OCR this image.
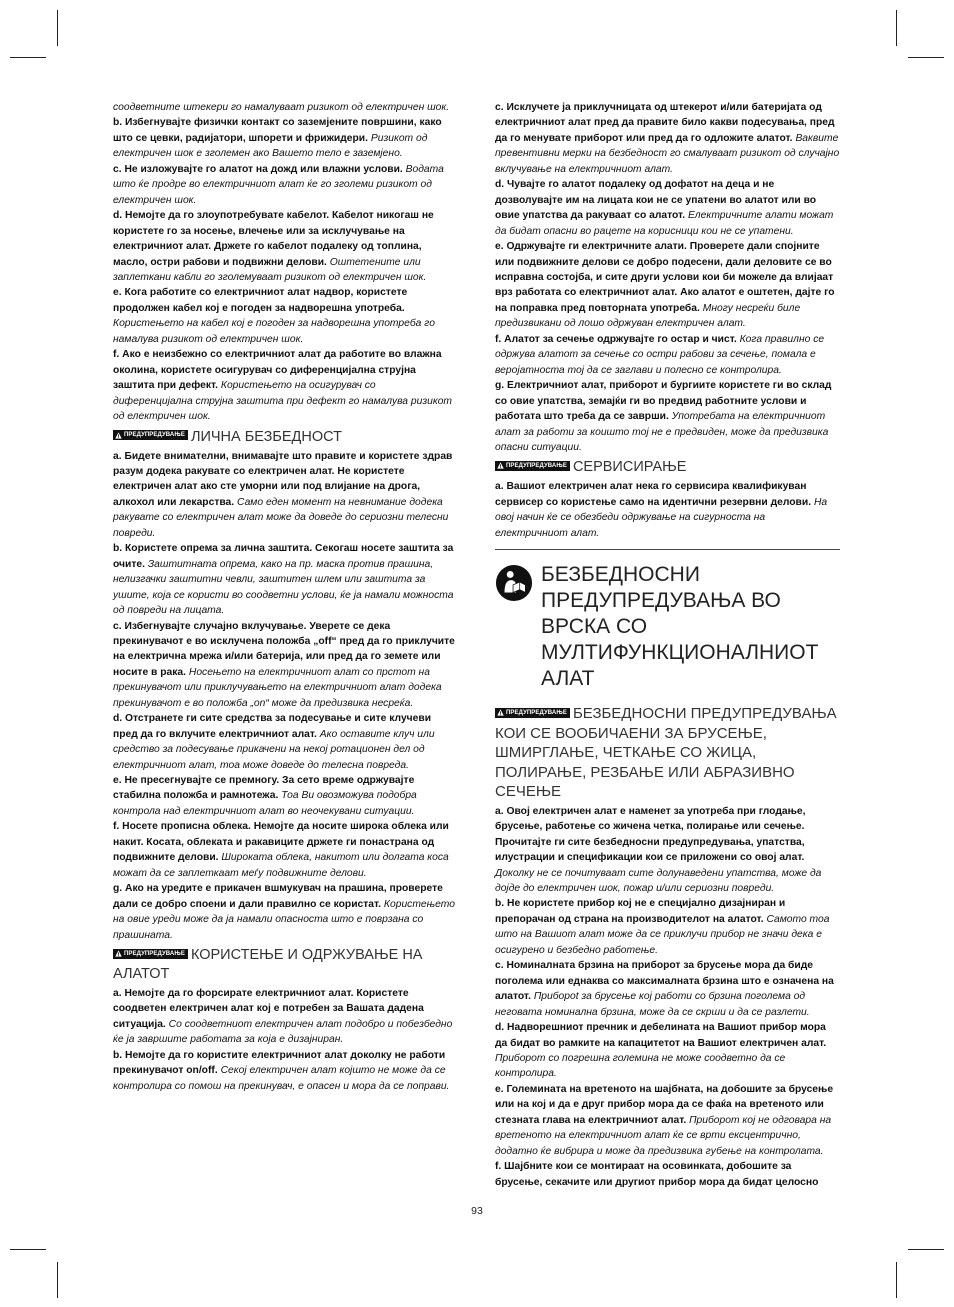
соодветните штекери го намалуваат ризикот од електричен шок.

b. Избегнувајте физички контакт со заземјените површини, како што се цевки, радијатори, шпорети и фрижидери. Ризикот од електричен шок е зголемен ако Вашето тело е заземјено.

c. Не изложувајте го алатот на дожд или влажни услови. Водата што ќе продре во електричниот алат ќе го зголеми ризикот од електричен шок.

d. Немојте да го злоупотребувате кабелот. Кабелот никогаш не користете го за носење, влечење или за исклучување на електричниот алат. Држете го кабелот подалеку од топлина, масло, остри рабови и подвижни делови. Оштетените или заплеткани кабли го зголемуваат ризикот од електричен шок.

e. Кога работите со електричниот алат надвор, користете продолжен кабел кој е погоден за надворешна употреба. Користењето на кабел кој е погоден за надворешна употреба го намалува ризикот од електричен шок.

f. Ако е неизбежно со електричниот алат да работите во влажна околина, користете осигурувач со диференцијална струјна заштита при дефект. Користењето на осигурувач со диференцијална струјна заштита при дефект го намалува ризикот од електричен шок.

ПРЕДУПРЕДУВАЊЕ ЛИЧНА БЕЗБЕДНОСТ

a. Бидете внимателни, внимавајте што правите и користете здрав разум додека ракувате со електричен алат. Не користете електричен алат ако сте уморни или под влијание на дрога, алкохол или лекарства. Само еден момент на невнимание додека ракувате со електричен алат може да доведе до сериозни телесни повреди.

b. Користете опрема за лична заштита. Секогаш носете заштита за очите. Заштитната опрема, како на пр. маска против прашина, нелизгачки заштитни чевли, заштитен шлем или заштита за ушите, која се користи во соодветни услови, ќе ја намали можноста од повреди на лицата.

c. Избегнувајте случајно вклучување. Уверете се дека прекинувачот е во исклучена положба „off“ пред да го приклучите на електрична мрежа и/или батерија, или пред да го земете или носите в рака. Носењето на електричниот алат со прстот на прекинувачот или приклучувањето на електричниот алат додека прекинувачот е во положба „on“ може да предизвика несреќа.

d. Отстранете ги сите средства за подесување и сите клучеви пред да го вклучите електричниот алат. Ако оставите клуч или средство за подесување прикачени на некој ротационен дел од електричниот алат, тоа може доведе до телесна повреда.

e. Не пресегнувајте се премногу. За сето време одржувајте стабилна положба и рамнотежа. Тоа Ви овозможува подобра контрола над електричниот алат во неочекувани ситуации.

f. Носете прописна облека. Немојте да носите широка облека или накит. Косата, облеката и ракавиците држете ги понастрана од подвижните делови. Широката облека, накитот или долгата коса можат да се заплеткаат меѓу подвижните делови.

g. Ако на уредите е прикачен вшмукувач на прашина, проверете дали се добро споени и дали правилно се користат. Користењето на овие уреди може да ја намали опасноста што е поврзана со прашината.

ПРЕДУПРЕДУВАЊЕ КОРИСТЕЊЕ И ОДРЖУВАЊЕ НА АЛАТОТ

a. Немојте да го форсирате електричниот алат. Користете соодветен електричен алат кој е потребен за Вашата дадена ситуација. Со соодветниот електричен алат подобро и побезбедно ќе ја завршите работата за која е дизајниран.

b. Немојте да го користите електричниот алат доколку не работи прекинувачот on/off. Секој електричен алат којшто не може да се контролира со помош на прекинувач, е опасен и мора да се поправи.

c. Исклучете ја приклучницата од штекерот и/или батеријата од електричниот алат пред да правите било какви подесувања, пред да го менувате приборот или пред да го одложите алатот. Ваквите превентивни мерки на безбедност го смалуваат ризикот од случајно вклучување на електричниот алат.

d. Чувајте го алатот подалеку од дофатот на деца и не дозволувајте им на лицата кои не се упатени во алатот или во овие упатства да ракуваат со алатот. Електричните алати можат да бидат опасни во рацете на корисници кои не се упатени.

e. Одржувајте ги електричните алати. Проверете дали спојните или подвижните делови се добро подесени, дали деловите се во исправна состојба, и сите други услови кои би можеле да влијаат врз работата со електричниот алат. Ако алатот е оштетен, дајте го на поправка пред повторната употреба. Многу несреќи биле предизвикани од лошо одржуван електричен алат.

f. Алатот за сечење одржувајте го остар и чист. Кога правилно се одржува алатот за сечење со остри рабови за сечење, помала е веројатноста тој да се заглави и полесно се контролира.

g. Електричниот алат, приборот и бургиите користете ги во склад со овие упатства, земајќи ги во предвид работните услови и работата што треба да се заврши. Употребата на електричниот алат за работи за коишто тој не е предвиден, може да предизвика опасни ситуации.

ПРЕДУПРЕДУВАЊЕ СЕРВИСИРАЊЕ

a. Вашиот електричен алат нека го сервисира квалификуван сервисер со користење само на идентични резервни делови. На овој начин ќе се обезбеди одржување на сигурноста на електричниот алат.

БЕЗБЕДНОСНИ ПРЕДУПРЕДУВАЊА ВО ВРСКА СО МУЛТИФУНКЦИОНАЛНИОТ АЛАТ
ПРЕДУПРЕДУВАЊЕ БЕЗБЕДНОСНИ ПРЕДУПРЕДУВАЊА КОИ СЕ ВООБИЧАЕНИ ЗА БРУСЕЊЕ, ШМИРГЛАЊЕ, ЧЕТКАЊЕ СО ЖИЦА, ПОЛИРАЊЕ, РЕЗБАЊЕ ИЛИ АБРАЗИВНО СЕЧЕЊЕ

a. Овој електричен алат е наменет за употреба при глодање, брусење, работење со жичена четка, полирање или сечење. Прочитајте ги сите безбедносни предупредувања, упатства, илустрации и спецификации кои се приложени со овој алат. Доколку не се почитуваат сите долунаведени упатства, може да дојде до електричен шок, пожар и/или сериозни повреди.

b. Не користете прибор кој не е специјално дизајниран и препорачан од страна на производителот на алатот. Самото тоа што на Вашиот алат може да се приклучи прибор не значи дека е осигурено и безбедно работење.

c. Номиналната брзина на приборот за брусење мора да биде поголема или еднаква со максималната брзина што е означена на алатот. Прибороt за брусење кој работи со брзина поголема од неговата номинална брзина, може да се скрши и да се разлети.

d. Надворешниот пречник и дебелината на Вашиот прибор мора да бидат во рамките на капацитетот на Вашиот електричен алат. Приборот со погрешна големина не може соодветно да се контролира.

e. Големината на вретеното на шајбната, на добошите за брусење или на кој и да е друг прибор мора да се фаќа на вретеното или стезната глава на електричниот алат. Приборот кој не одговара на вретеното на електричниот алат ќе се врти ексцентрично, додатно ќе вибрира и може да предизвика губење на контролата.

f. Шајбните кои се монтираат на осовинката, добошите за брусење, секачите или другиот прибор мора да бидат целосно

93
